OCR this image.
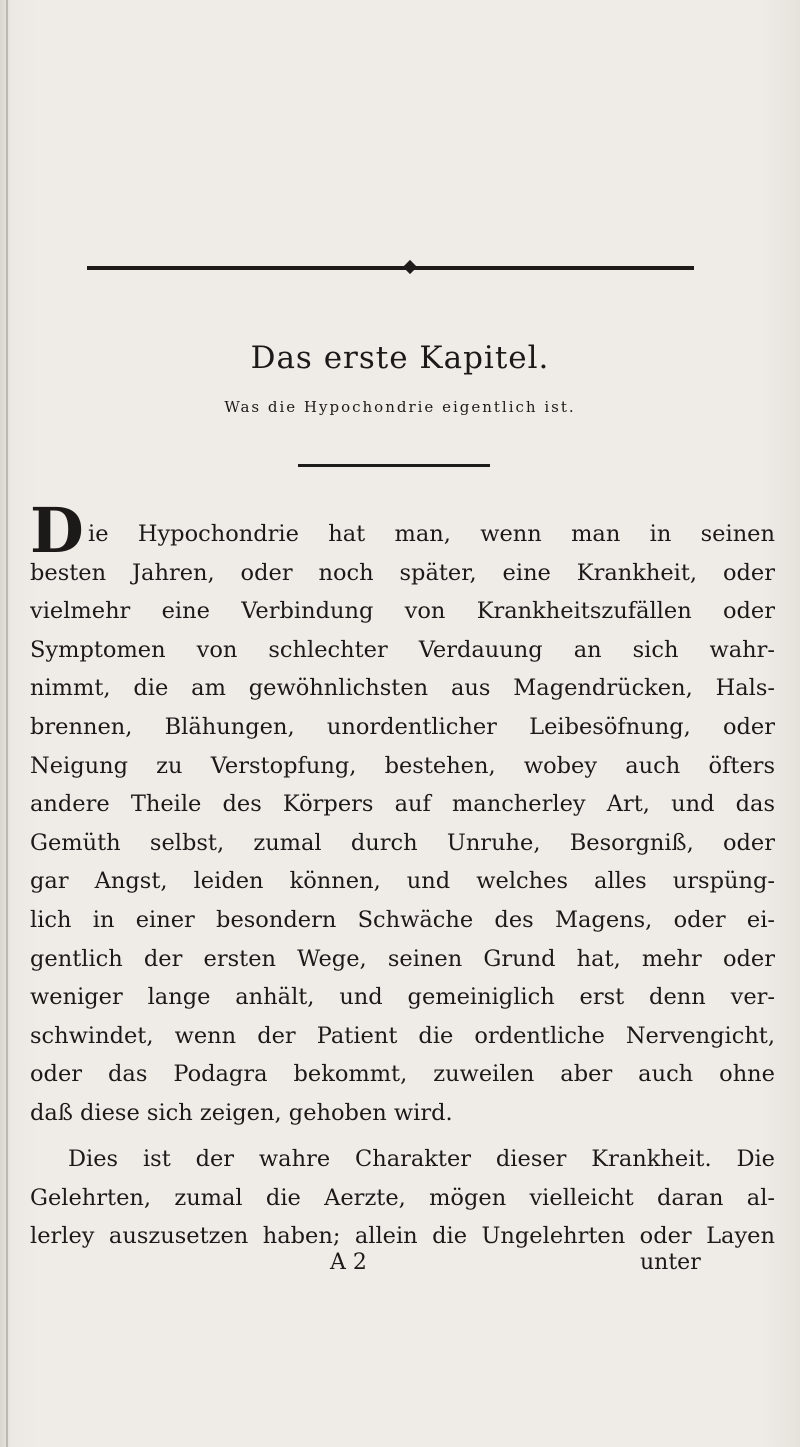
Das erste Kapitel.
Was die Hypochondrie eigentlich ist.
D ie Hypochondrie hat man, wenn man in seinen
besten Jahren, oder noch später, eine Krankheit, oder
vielmehr eine Verbindung von Krankheitszufällen oder
Symptomen von schlechter Verdauung an sich wahr-
nimmt, die am gewöhnlichsten aus Magendrücken, Hals-
brennen, Blähungen, unordentlicher Leibesöfnung, oder
Neigung zu Verstopfung, bestehen, wobey auch öfters
andere Theile des Körpers auf mancherley Art, und das
Gemüth selbst, zumal durch Unruhe, Besorgniß, oder
gar Angst, leiden können, und welches alles urspüng-
lich in einer besondern Schwäche des Magens, oder ei-
gentlich der ersten Wege, seinen Grund hat, mehr oder
weniger lange anhält, und gemeiniglich erst denn ver-
schwindet, wenn der Patient die ordentliche Nervengicht,
oder das Podagra bekommt, zuweilen aber auch ohne
daß diese sich zeigen, gehoben wird.
Dies ist der wahre Charakter dieser Krankheit. Die
Gelehrten, zumal die Aerzte, mögen vielleicht daran al-
lerley auszusetzen haben; allein die Ungelehrten oder Layen
A 2	unter
